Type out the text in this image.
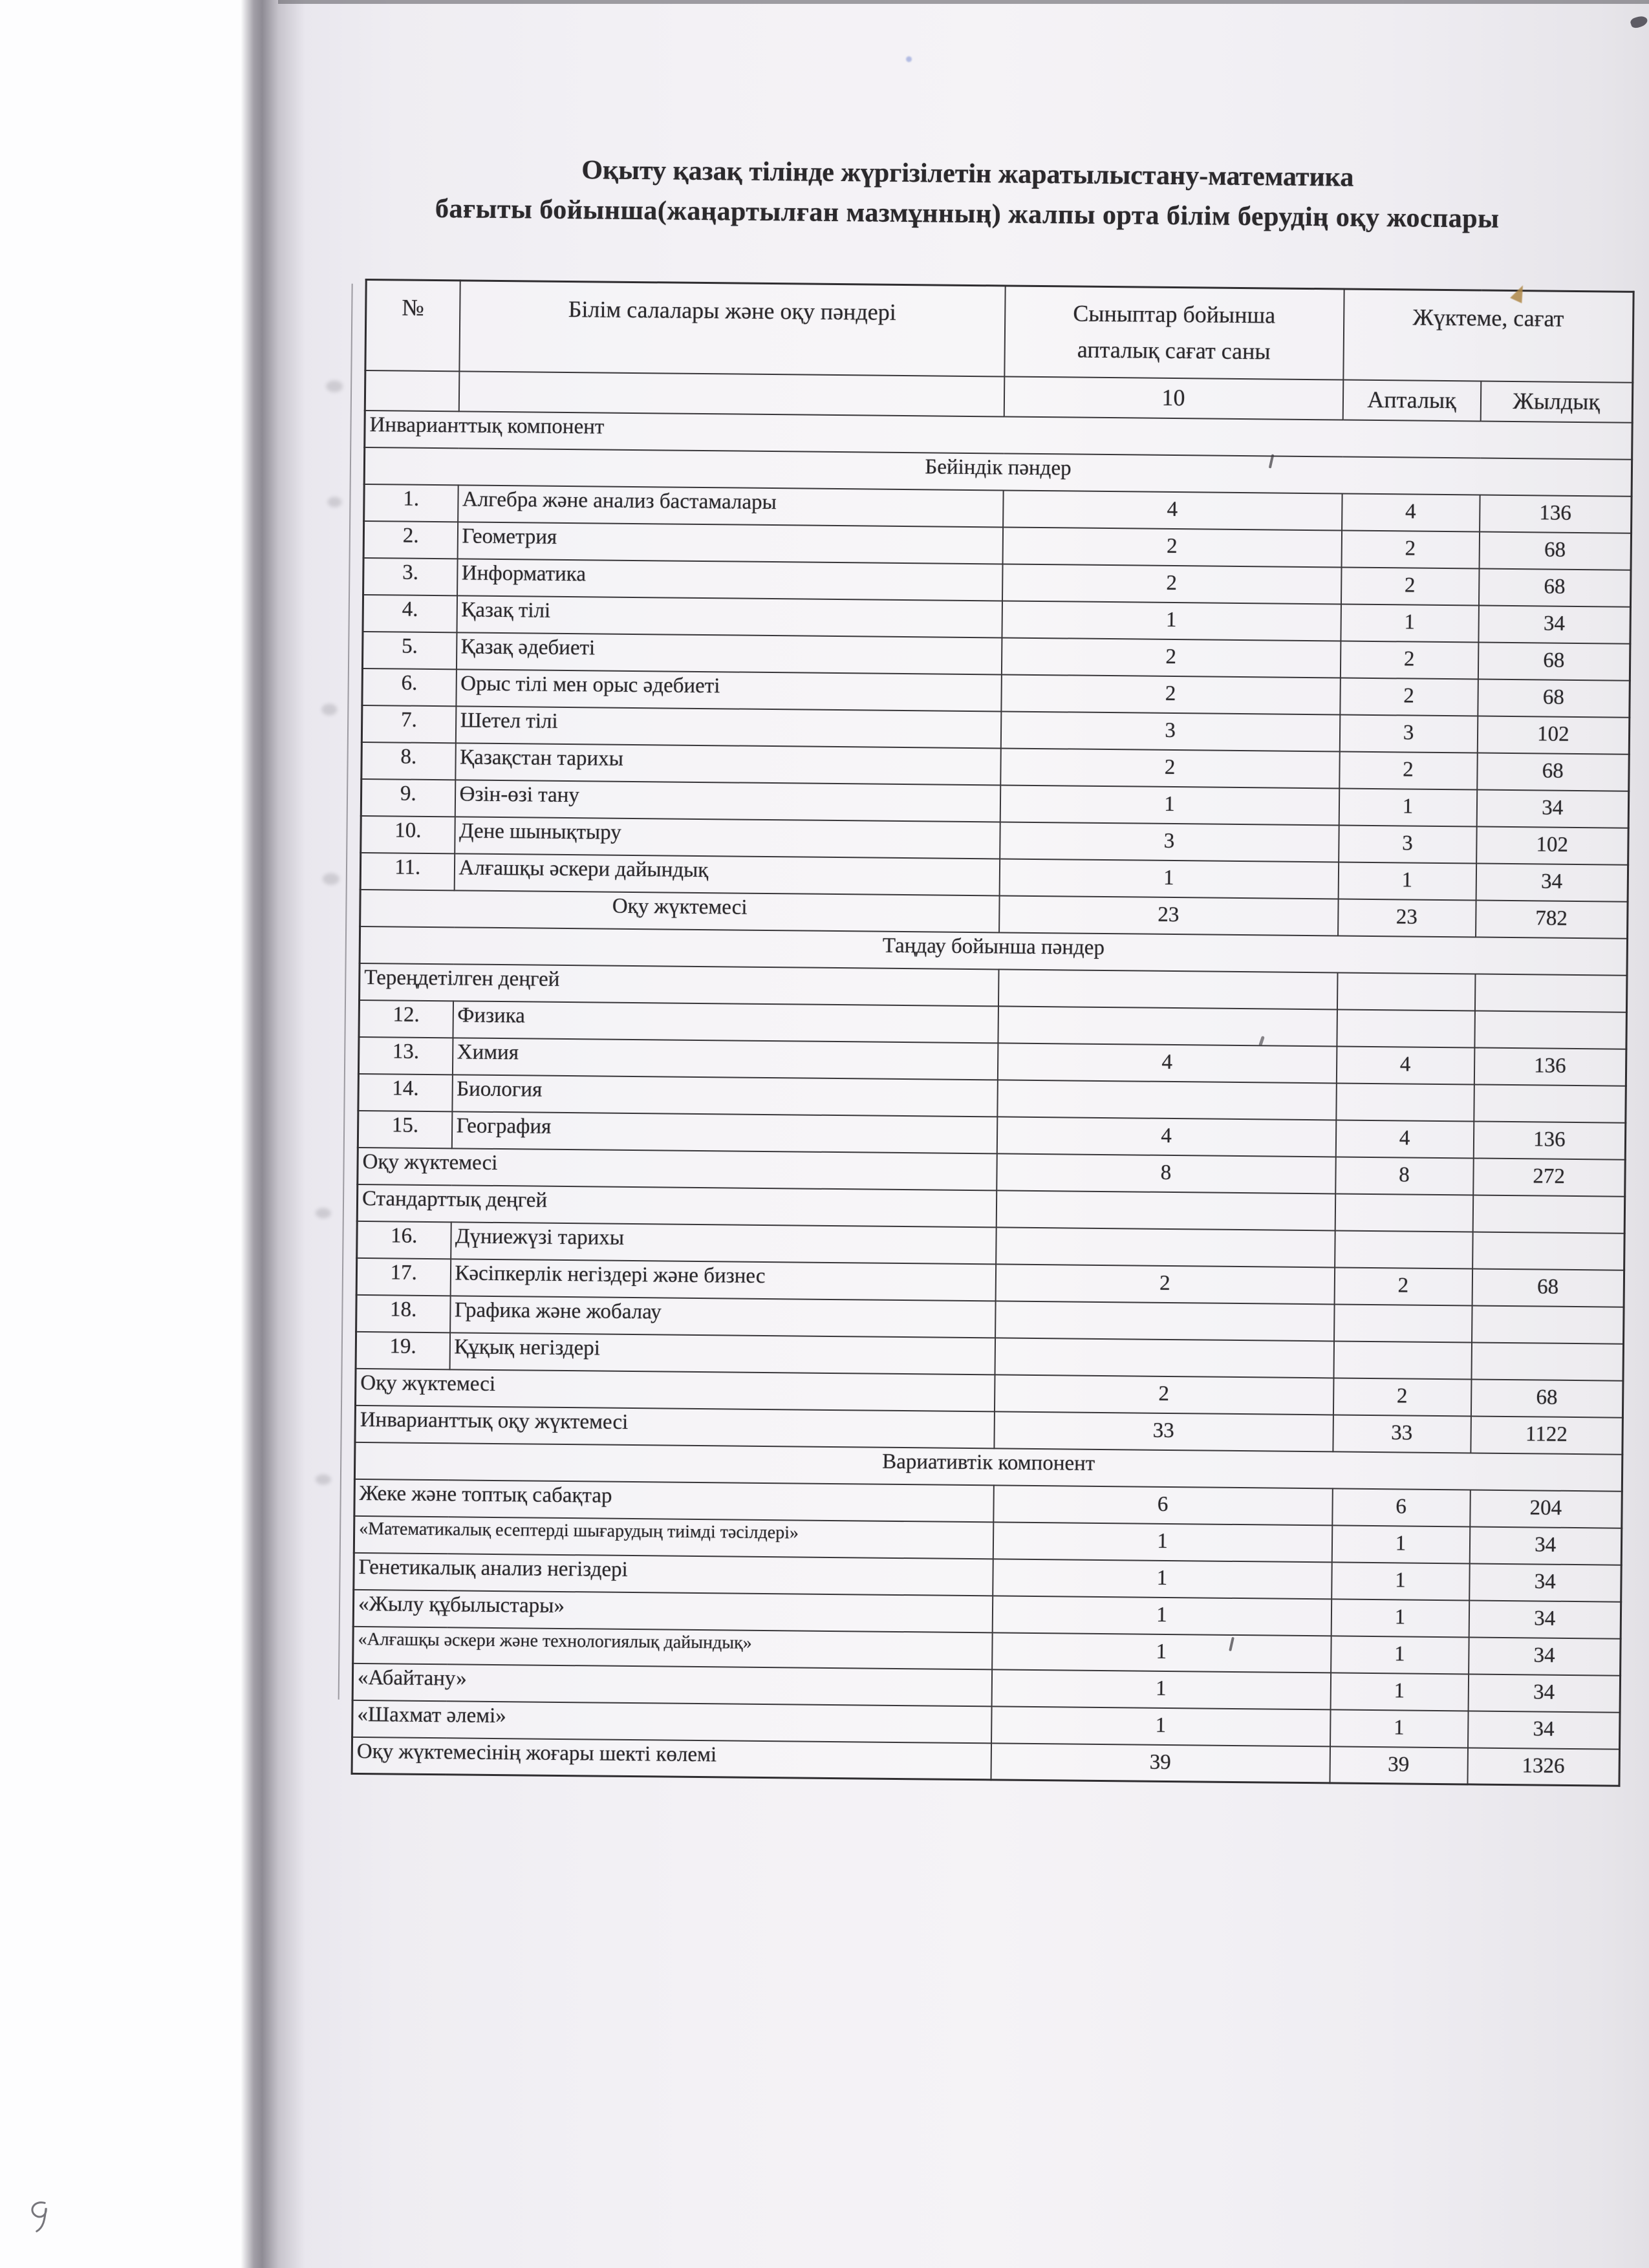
Оқыту қазақ тілінде жүргізілетін жаратылыстану-математика
бағыты бойынша(жаңартылған мазмұнның) жалпы орта білім берудің оқу жоспары
№	Білім салалары және оқу пәндері	Сыныптар бойынша апталық сағат саны	Жүктеме, сағат	
		10	Апталық	Жылдық
Инварианттық компонент				
Бейіндік пәндер				
1.	Алгебра және анализ бастамалары	4	4	136
2.	Геометрия	2	2	68
3.	Информатика	2	2	68
4.	Қазақ тілі	1	1	34
5.	Қазақ әдебиеті	2	2	68
6.	Орыс тілі мен орыс әдебиеті	2	2	68
7.	Шетел тілі	3	3	102
8.	Қазақстан тарихы	2	2	68
9.	Өзін-өзі тану	1	1	34
10.	Дене шынықтыру	3	3	102
11.	Алғашқы әскери дайындық	1	1	34
Оқу жүктемесі		23	23	782
Таңдау бойынша пәндер				
Тереңдетілген деңгей				
12.	Физика			
13.	Химия	4	4	136
14.	Биология			
15.	География	4	4	136
Оқу жүктемесі		8	8	272
Стандарттық деңгей				
16.	Дүниежүзі тарихы			
17.	Кәсіпкерлік негіздері және бизнес	2	2	68
18.	Графика және жобалау			
19.	Құқық негіздері			
Оқу жүктемесі		2	2	68
Инварианттық оқу жүктемесі		33	33	1122
Вариативтік компонент				
Жеке және топтық сабақтар		6	6	204
«Математикалық есептерді шығарудың тиімді тәсілдері»		1	1	34
Генетикалық анализ негіздері		1	1	34
«Жылу құбылыстары»		1	1	34
«Алғашқы әскери және технологиялық дайындық»		1	1	34
«Абайтану»		1	1	34
«Шахмат әлемі»		1	1	34
Оқу жүктемесінің жоғары шекті көлемі		39	39	1326
